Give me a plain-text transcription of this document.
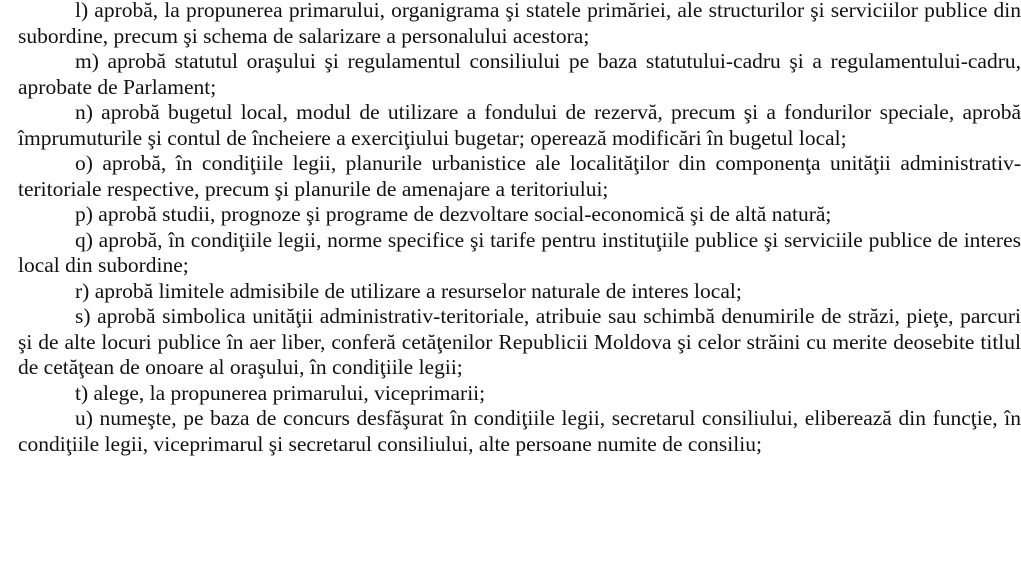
l) aprobă, la propunerea primarului, organigrama şi statele primăriei, ale structurilor şi serviciilor publice din subordine, precum şi schema de salarizare a personalului acestora;

m) aprobă statutul oraşului şi regulamentul consiliului pe baza statutului-cadru şi a regulamentului-cadru, aprobate de Parlament;

n) aprobă bugetul local, modul de utilizare a fondului de rezervă, precum şi a fondurilor speciale, aprobă împrumuturile şi contul de încheiere a exerciţiului bugetar; operează modificări în bugetul local;

o) aprobă, în condiţiile legii, planurile urbanistice ale localităţilor din componenţa unităţii administrativ-teritoriale respective, precum şi planurile de amenajare a teritoriului;

p) aprobă studii, prognoze şi programe de dezvoltare social-economică şi de altă natură;

q) aprobă, în condiţiile legii, norme specifice şi tarife pentru instituţiile publice şi serviciile publice de interes local din subordine;

r) aprobă limitele admisibile de utilizare a resurselor naturale de interes local;

s) aprobă simbolica unităţii administrativ-teritoriale, atribuie sau schimbă denumirile de străzi, pieţe, parcuri şi de alte locuri publice în aer liber, conferă cetăţenilor Republicii Moldova şi celor străini cu merite deosebite titlul de cetăţean de onoare al oraşului, în condiţiile legii;

t) alege, la propunerea primarului, viceprimarii;

u) numeşte, pe baza de concurs desfăşurat în condiţiile legii, secretarul consiliului, eliberează din funcţie, în condiţiile legii, viceprimarul şi secretarul consiliului, alte persoane numite de consiliu;
